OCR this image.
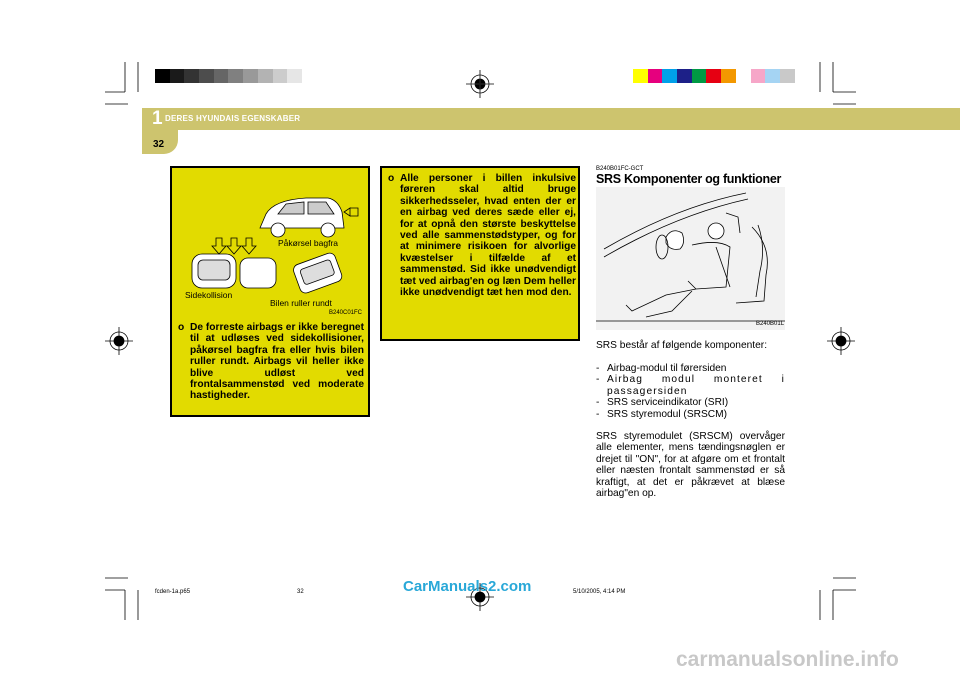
1 DERES HYUNDAIS EGENSKABER
32
Påkørsel bagfra
Sidekollision
Bilen ruller rundt
B240C01FC
o De forreste airbags er ikke beregnet til at udløses ved sidekollisioner, påkørsel bagfra fra eller hvis bilen ruller rundt. Airbags vil heller ikke blive udløst ved frontalsammenstød ved moderate hastigheder.
o Alle personer i billen inkulsive føreren skal altid bruge sikkerhedsseler, hvad enten der er en airbag ved deres sæde eller ej, for at opnå den største beskyttelse ved alle sammenstødstyper, og for at minimere risikoen for alvorlige kvæstelser i tilfælde af et sammenstød. Sid ikke unødvendigt tæt ved airbag'en og læn Dem heller ikke unødvendigt tæt hen mod den.
B240B01FC-GCT
SRS Komponenter og funktioner
B240B01L
SRS består af følgende komponenter:
- Airbag-modul til førersiden
- Airbag modul monteret i passagersiden
- SRS serviceindikator (SRI)
- SRS styremodul (SRSCM)
SRS styremodulet (SRSCM) overvåger alle elementer, mens tændingsnøglen er drejet til "ON", for at afgøre om et frontalt eller næsten frontalt sammenstød er så kraftigt, at det er påkrævet at blæse airbag"en op.
fcden-1a.p65	32	5/10/2005, 4:14 PM
CarManuals2.com
carmanualsonline.info
